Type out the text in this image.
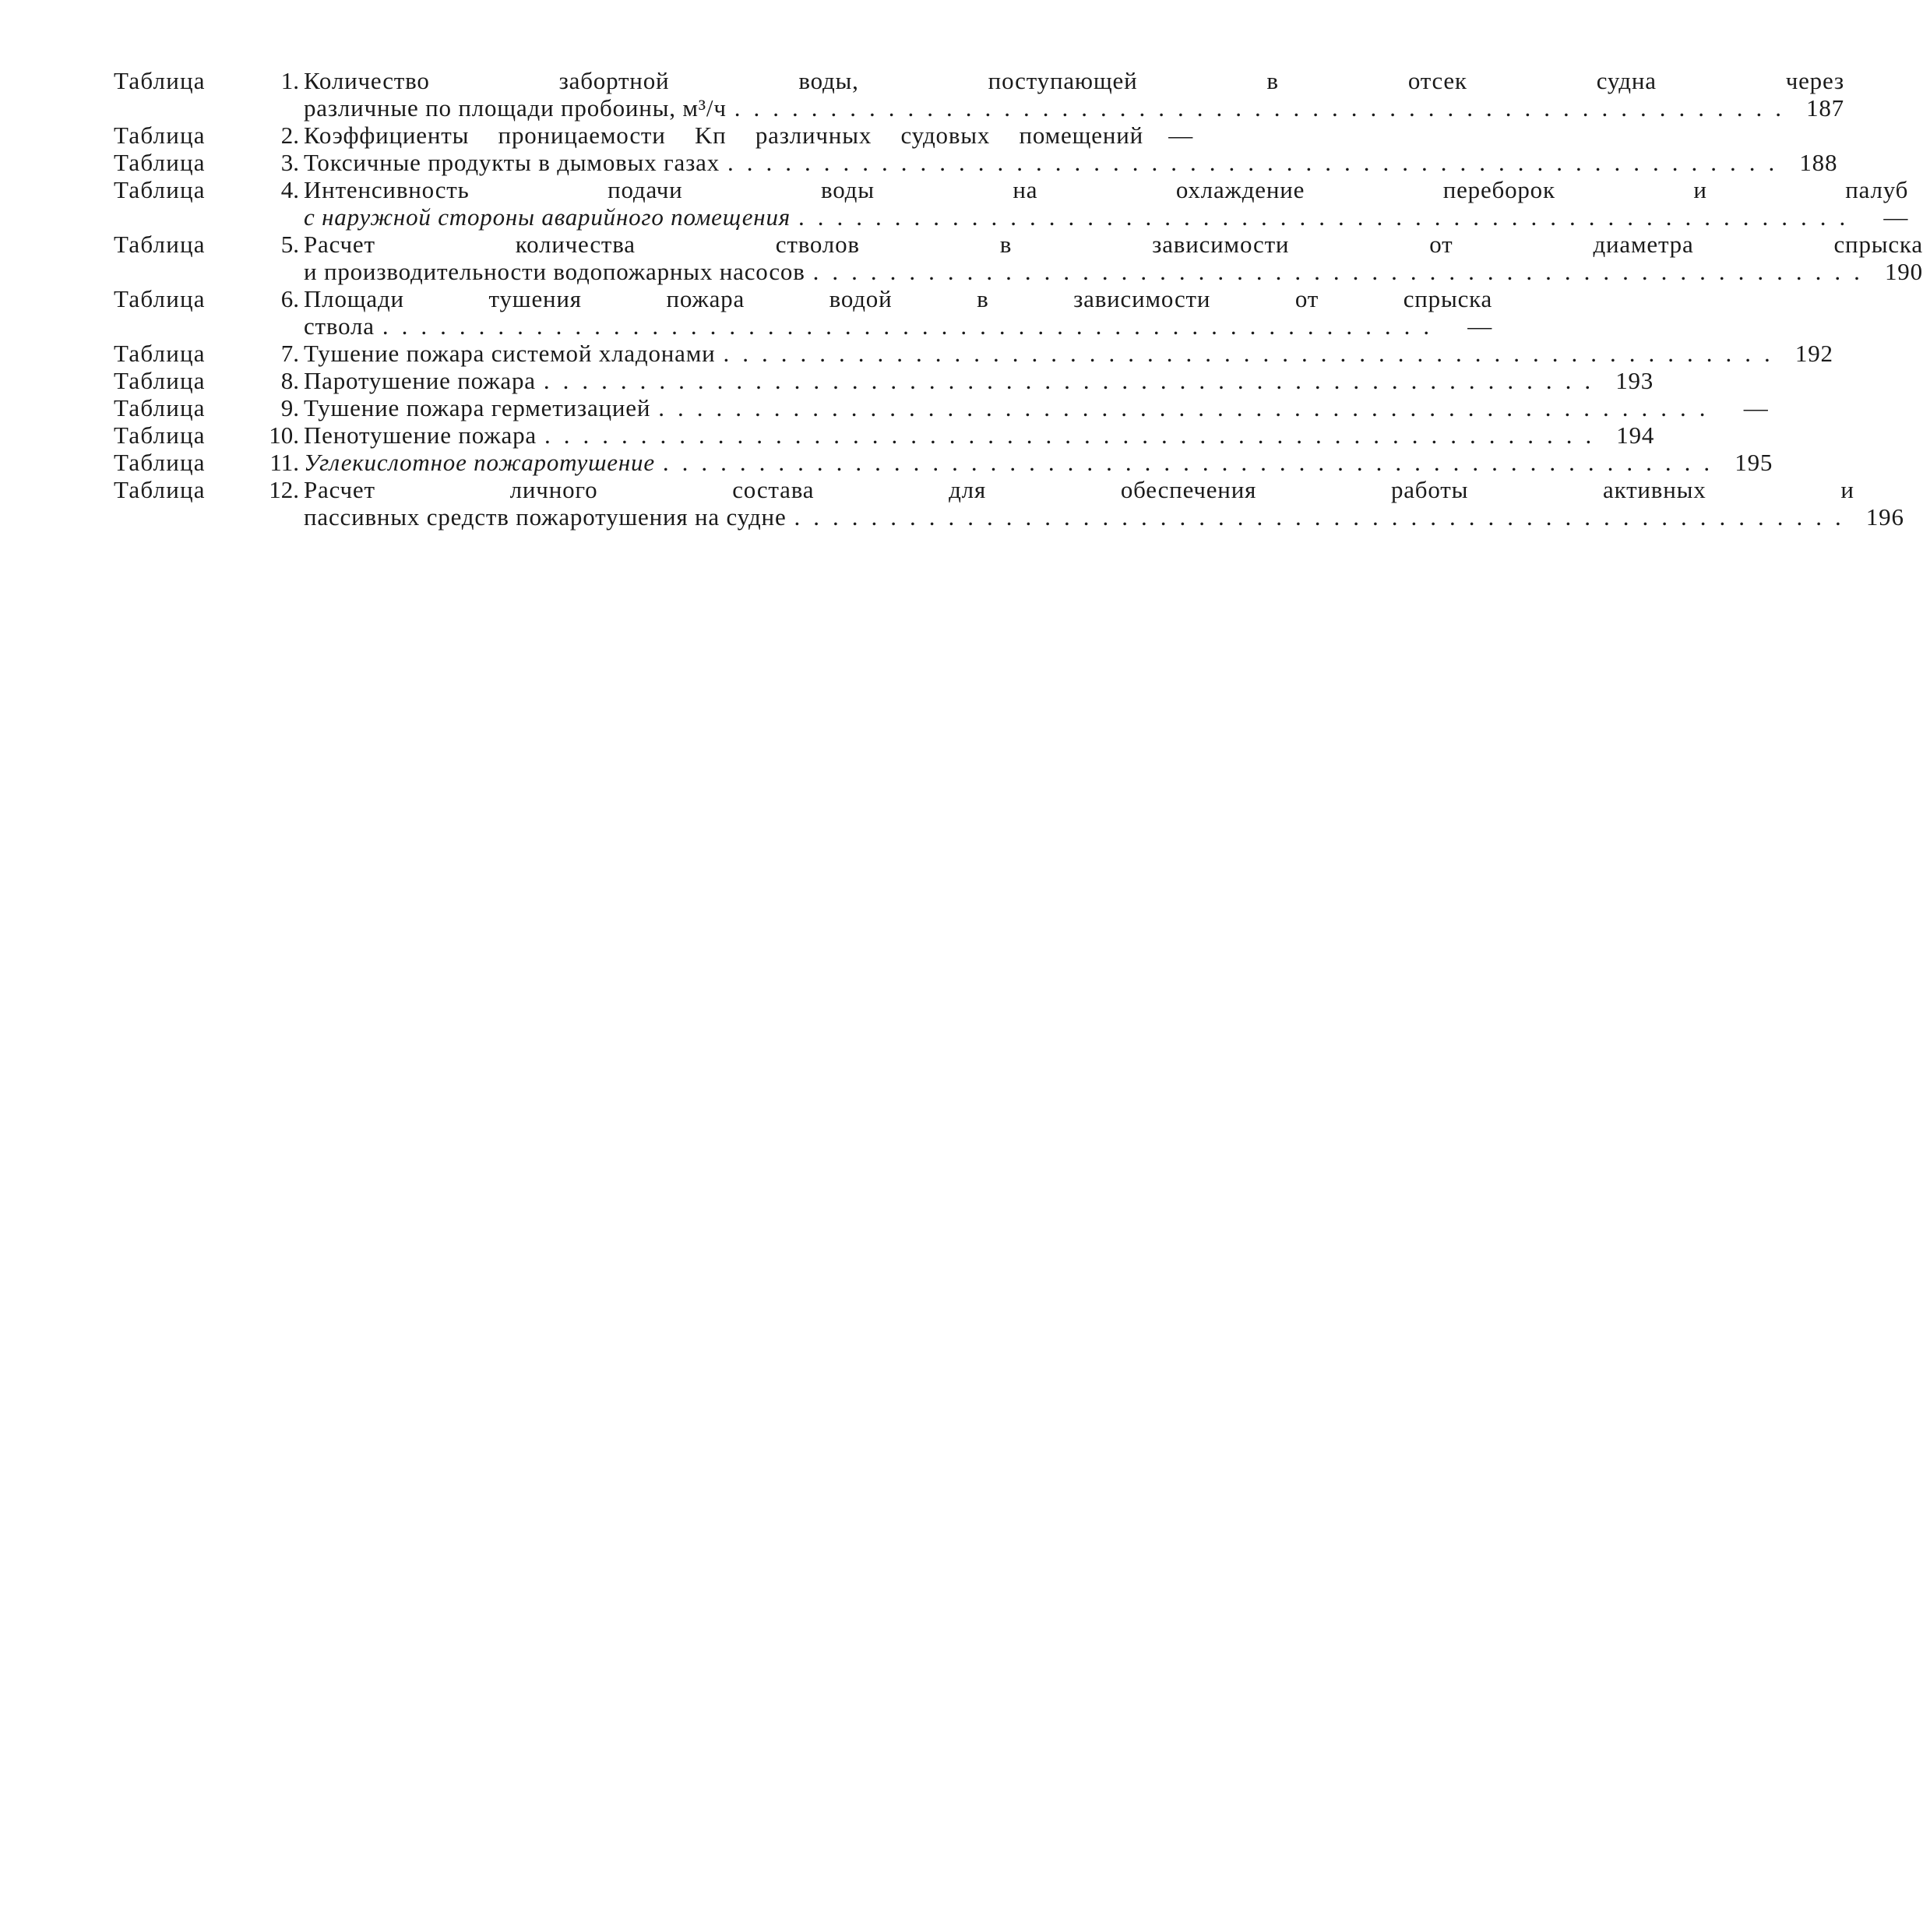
Таблица	1. Количество забортной воды, поступающей в отсек судна через
различные по площади пробоины, м³/ч ....................................................... 187
Таблица	2. Коэффициенты проницаемости Kп различных судовых помещений	—
Таблица	3. Токсичные продукты в дымовых газах ....................................................... 188
Таблица	4. Интенсивность подачи воды на охлаждение переборок и палуб
с наружной стороны аварийного помещения .......................................................	—
Таблица	5. Расчет количества стволов в зависимости от диаметра спрыска
и производительности водопожарных насосов ....................................................... 190
Таблица	6. Площади тушения пожара водой в зависимости от спрыска
ствола .......................................................	—
Таблица	7. Тушение пожара системой хладонами ....................................................... 192
Таблица	8. Паротушение пожара ....................................................... 193
Таблица	9. Тушение пожара герметизацией .......................................................	—
Таблица	10. Пенотушение пожара ....................................................... 194
Таблица	11. Углекислотное пожаротушение ....................................................... 195
Таблица	12. Расчет личного состава для обеспечения работы активных и
пассивных средств пожаротушения на судне ....................................................... 196
